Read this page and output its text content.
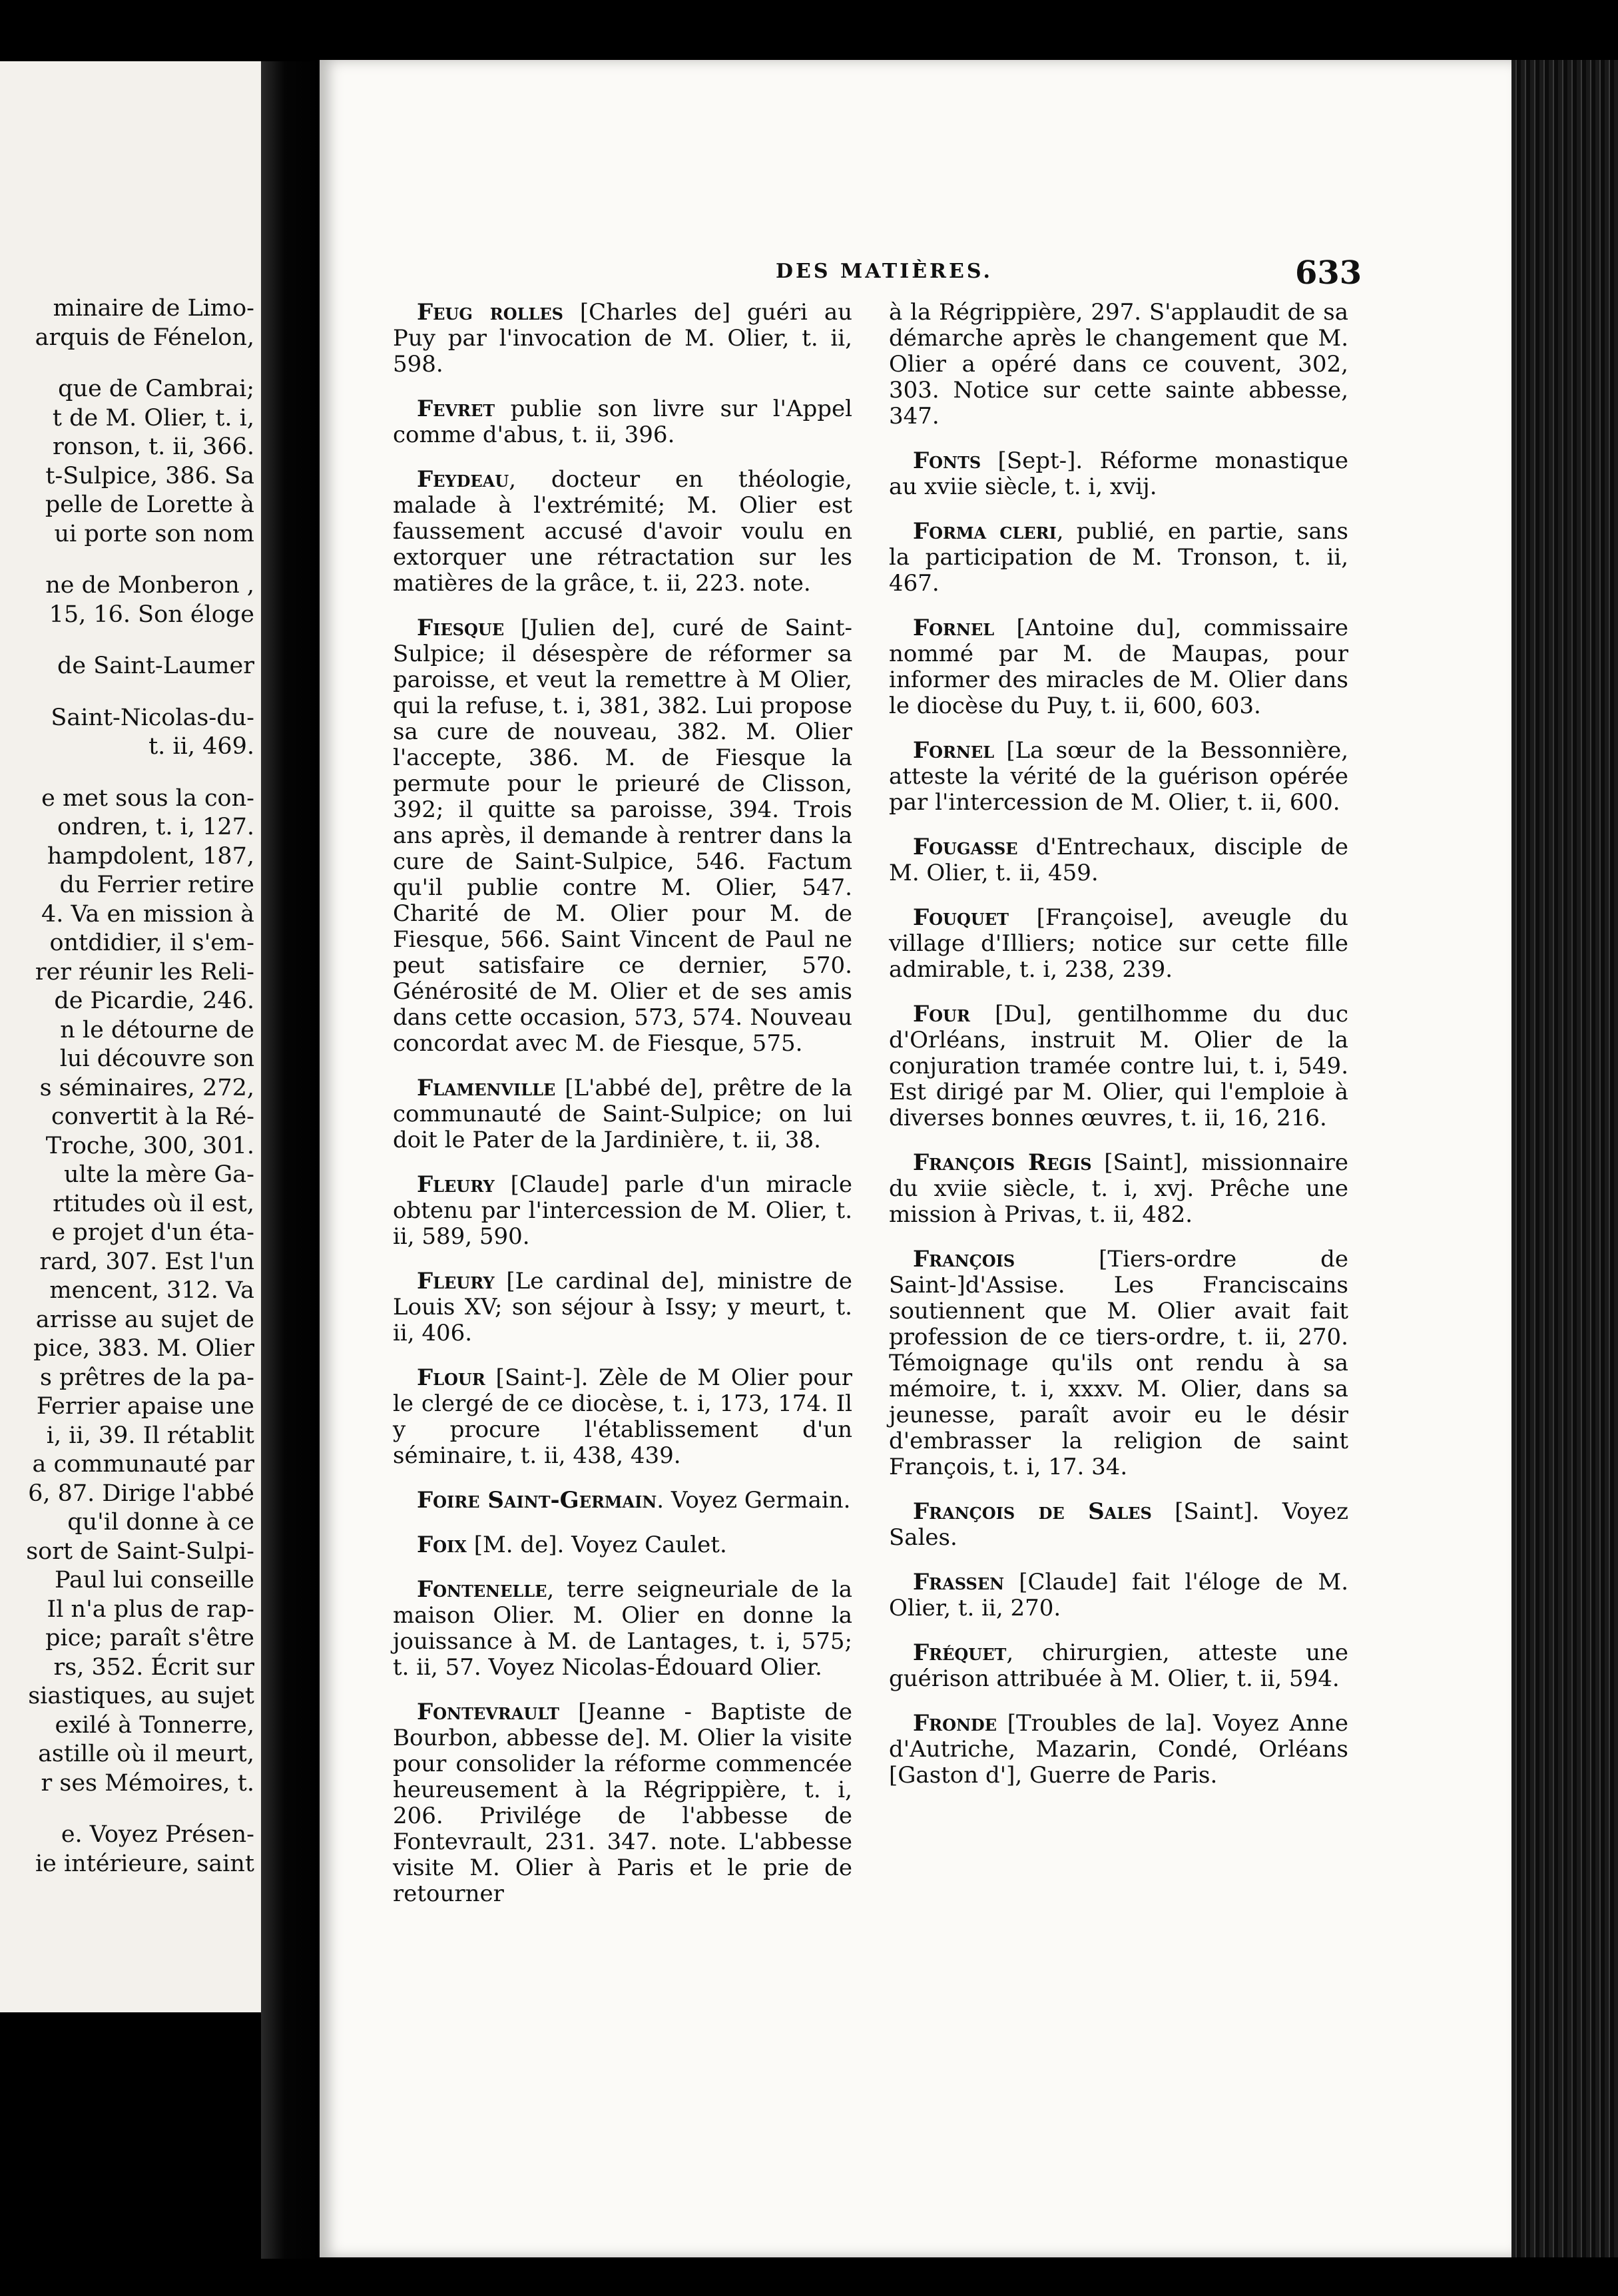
minaire de Limo-

arquis de Fénelon,

que de Cambrai;

t de M. Olier, t. i,

ronson, t. ii, 366.

t-Sulpice, 386. Sa

pelle de Lorette à

ui porte son nom

ne de Monberon ,

15, 16. Son éloge

de Saint-Laumer

Saint-Nicolas-du-

t. ii, 469.

e met sous la con-

ondren, t. i, 127.

hampdolent, 187,

du Ferrier retire

4. Va en mission à

ontdidier, il s'em-

rer réunir les Reli-

de Picardie, 246.

n le détourne de

lui découvre son

s séminaires, 272,

convertit à la Ré-

Troche, 300, 301.

ulte la mère Ga-

rtitudes où il est,

e projet d'un éta-

rard, 307. Est l'un

mencent, 312. Va

arrisse au sujet de

pice, 383. M. Olier

s prêtres de la pa-

Ferrier apaise une

i, ii, 39. Il rétablit

a communauté par

6, 87. Dirige l'abbé

qu'il donne à ce

sort de Saint-Sulpi-

Paul lui conseille

Il n'a plus de rap-

pice; paraît s'être

rs, 352. Écrit sur

siastiques, au sujet

exilé à Tonnerre,

astille où il meurt,

r ses Mémoires, t.

e. Voyez Présen-

ie intérieure, saint

DES MATIÈRES.	633

Feug rolles [Charles de] guéri au Puy par l'invocation de M. Olier, t. ii, 598.

Fevret publie son livre sur l'Appel comme d'abus, t. ii, 396.

Feydeau, docteur en théologie, malade à l'extrémité; M. Olier est faussement accusé d'avoir voulu en extorquer une rétractation sur les matières de la grâce, t. ii, 223. note.

Fiesque [Julien de], curé de Saint-Sulpice; il désespère de réformer sa paroisse, et veut la remettre à M Olier, qui la refuse, t. i, 381, 382. Lui propose sa cure de nouveau, 382. M. Olier l'accepte, 386. M. de Fiesque la permute pour le prieuré de Clisson, 392; il quitte sa paroisse, 394. Trois ans après, il demande à rentrer dans la cure de Saint-Sulpice, 546. Factum qu'il publie contre M. Olier, 547. Charité de M. Olier pour M. de Fiesque, 566. Saint Vincent de Paul ne peut satisfaire ce dernier, 570. Générosité de M. Olier et de ses amis dans cette occasion, 573, 574. Nouveau concordat avec M. de Fiesque, 575.

Flamenville [L'abbé de], prêtre de la communauté de Saint-Sulpice; on lui doit le Pater de la Jardinière, t. ii, 38.

Fleury [Claude] parle d'un miracle obtenu par l'intercession de M. Olier, t. ii, 589, 590.

Fleury [Le cardinal de], ministre de Louis XV; son séjour à Issy; y meurt, t. ii, 406.

Flour [Saint-]. Zèle de M Olier pour le clergé de ce diocèse, t. i, 173, 174. Il y procure l'établissement d'un séminaire, t. ii, 438, 439.

Foire Saint-Germain. Voyez Germain.

Foix [M. de]. Voyez Caulet.

Fontenelle, terre seigneuriale de la maison Olier. M. Olier en donne la jouissance à M. de Lantages, t. i, 575; t. ii, 57. Voyez Nicolas-Édouard Olier.

Fontevrault [Jeanne - Baptiste de Bourbon, abbesse de]. M. Olier la visite pour consolider la réforme commencée heureusement à la Régrippière, t. i, 206. Privilége de l'abbesse de Fontevrault, 231. 347. note. L'abbesse visite M. Olier à Paris et le prie de retourner

à la Régrippière, 297. S'applaudit de sa démarche après le changement que M. Olier a opéré dans ce couvent, 302, 303. Notice sur cette sainte abbesse, 347.

Fonts [Sept-]. Réforme monastique au xviie siècle, t. i, xvij.

Forma cleri, publié, en partie, sans la participation de M. Tronson, t. ii, 467.

Fornel [Antoine du], commissaire nommé par M. de Maupas, pour informer des miracles de M. Olier dans le diocèse du Puy, t. ii, 600, 603.

Fornel [La sœur de la Bessonnière, atteste la vérité de la guérison opérée par l'intercession de M. Olier, t. ii, 600.

Fougasse d'Entrechaux, disciple de M. Olier, t. ii, 459.

Fouquet [Françoise], aveugle du village d'Illiers; notice sur cette fille admirable, t. i, 238, 239.

Four [Du], gentilhomme du duc d'Orléans, instruit M. Olier de la conjuration tramée contre lui, t. i, 549. Est dirigé par M. Olier, qui l'emploie à diverses bonnes œuvres, t. ii, 16, 216.

François Regis [Saint], missionnaire du xviie siècle, t. i, xvj. Prêche une mission à Privas, t. ii, 482.

François [Tiers-ordre de Saint-]d'Assise. Les Franciscains soutiennent que M. Olier avait fait profession de ce tiers-ordre, t. ii, 270. Témoignage qu'ils ont rendu à sa mémoire, t. i, xxxv. M. Olier, dans sa jeunesse, paraît avoir eu le désir d'embrasser la religion de saint François, t. i, 17. 34.

François de Sales [Saint]. Voyez Sales.

Frassen [Claude] fait l'éloge de M. Olier, t. ii, 270.

Fréquet, chirurgien, atteste une guérison attribuée à M. Olier, t. ii, 594.

Fronde [Troubles de la]. Voyez Anne d'Autriche, Mazarin, Condé, Orléans [Gaston d'], Guerre de Paris.
